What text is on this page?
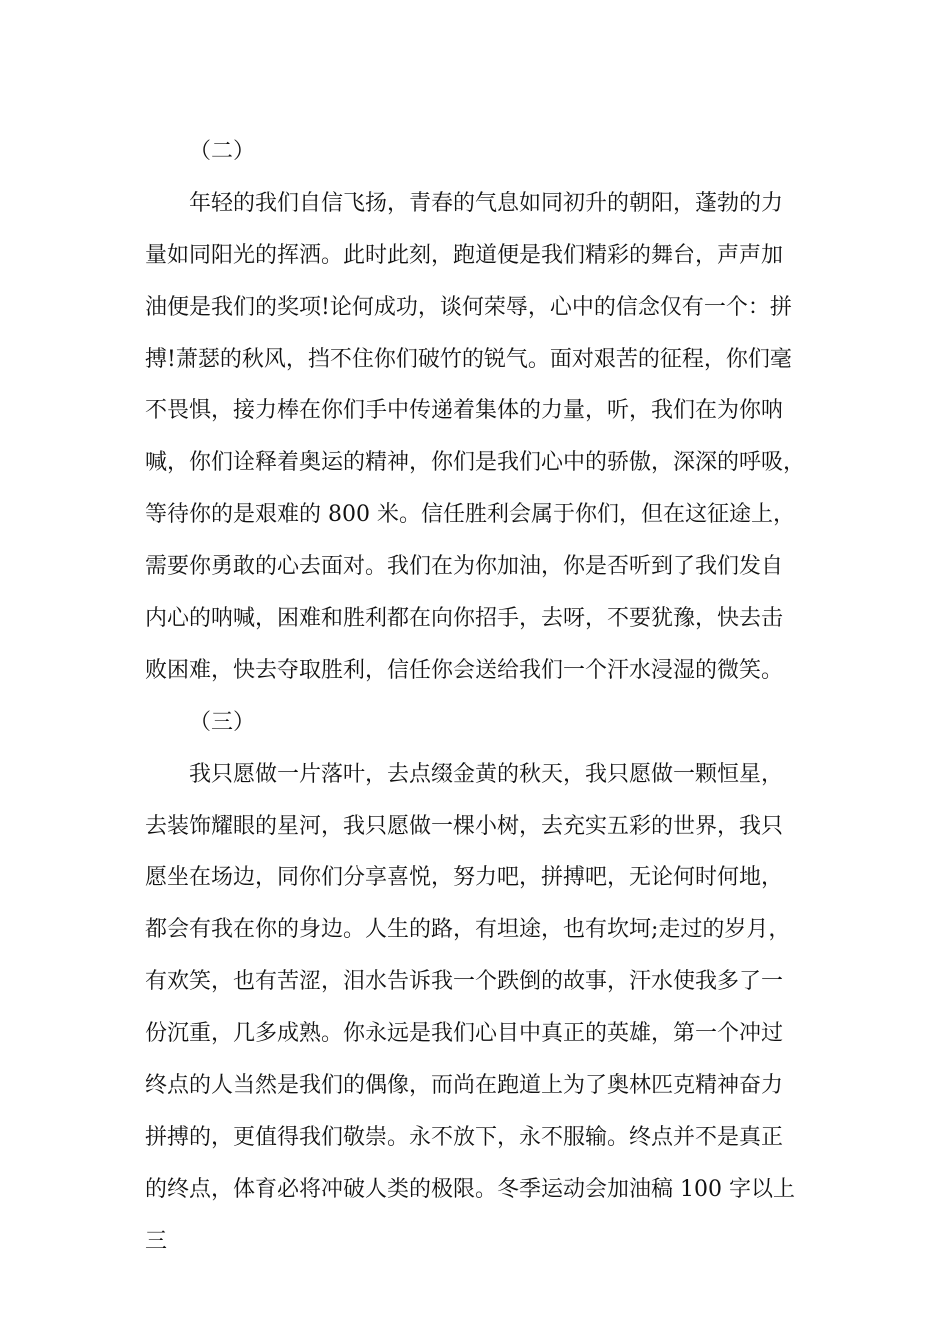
（二）
年轻的我们自信飞扬，青春的气息如同初升的朝阳，蓬勃的力
量如同阳光的挥洒。此时此刻，跑道便是我们精彩的舞台，声声加
油便是我们的奖项!论何成功，谈何荣辱，心中的信念仅有一个：拼
搏!萧瑟的秋风，挡不住你们破竹的锐气。面对艰苦的征程，你们毫
不畏惧，接力棒在你们手中传递着集体的力量，听，我们在为你呐
喊，你们诠释着奥运的精神，你们是我们心中的骄傲，深深的呼吸，
等待你的是艰难的 800 米。信任胜利会属于你们，但在这征途上，
需要你勇敢的心去面对。我们在为你加油，你是否听到了我们发自
内心的呐喊，困难和胜利都在向你招手，去呀，不要犹豫，快去击
败困难，快去夺取胜利，信任你会送给我们一个汗水浸湿的微笑。
（三）
我只愿做一片落叶，去点缀金黄的秋天，我只愿做一颗恒星，
去装饰耀眼的星河，我只愿做一棵小树，去充实五彩的世界，我只
愿坐在场边，同你们分享喜悦，努力吧，拼搏吧，无论何时何地，
都会有我在你的身边。人生的路，有坦途，也有坎坷;走过的岁月，
有欢笑，也有苦涩，泪水告诉我一个跌倒的故事，汗水使我多了一
份沉重，几多成熟。你永远是我们心目中真正的英雄，第一个冲过
终点的人当然是我们的偶像，而尚在跑道上为了奥林匹克精神奋力
拼搏的，更值得我们敬崇。永不放下，永不服输。终点并不是真正
的终点，体育必将冲破人类的极限。冬季运动会加油稿 100 字以上
三
